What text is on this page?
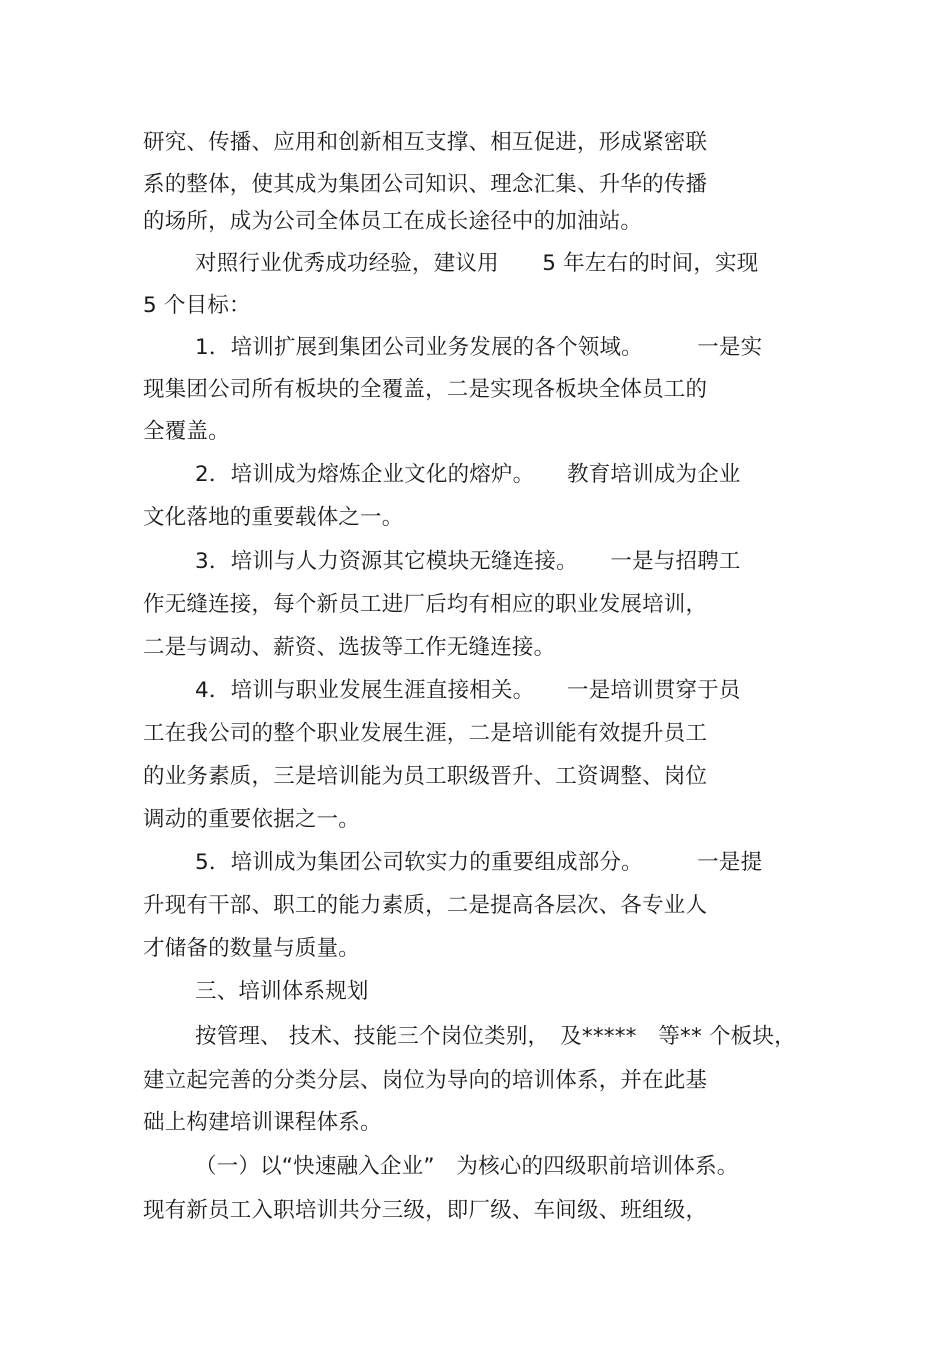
研究、传播、应用和创新相互支撑、相互促进，形成紧密联
系的整体，使其成为集团公司知识、理念汇集、升华的传播
的场所，成为公司全体员工在成长途径中的加油站。
对照行业优秀成功经验，建议用　　5 年左右的时间，实现
5 个目标：
1．培训扩展到集团公司业务发展的各个领域。　　　一是实
现集团公司所有板块的全覆盖，二是实现各板块全体员工的
全覆盖。
2．培训成为熔炼企业文化的熔炉。　　教育培训成为企业
文化落地的重要载体之一。
3．培训与人力资源其它模块无缝连接。　　一是与招聘工
作无缝连接，每个新员工进厂后均有相应的职业发展培训，
二是与调动、薪资、选拔等工作无缝连接。
4．培训与职业发展生涯直接相关。　　一是培训贯穿于员
工在我公司的整个职业发展生涯，二是培训能有效提升员工
的业务素质，三是培训能为员工职级晋升、工资调整、岗位
调动的重要依据之一。
5．培训成为集团公司软实力的重要组成部分。　　　一是提
升现有干部、职工的能力素质，二是提高各层次、各专业人
才储备的数量与质量。
三、培训体系规划
按管理、 技术、技能三个岗位类别，　及*****　等** 个板块，
建立起完善的分类分层、岗位为导向的培训体系，并在此基
础上构建培训课程体系。
（一）以“快速融入企业”　为核心的四级职前培训体系。
现有新员工入职培训共分三级，即厂级、车间级、班组级，
